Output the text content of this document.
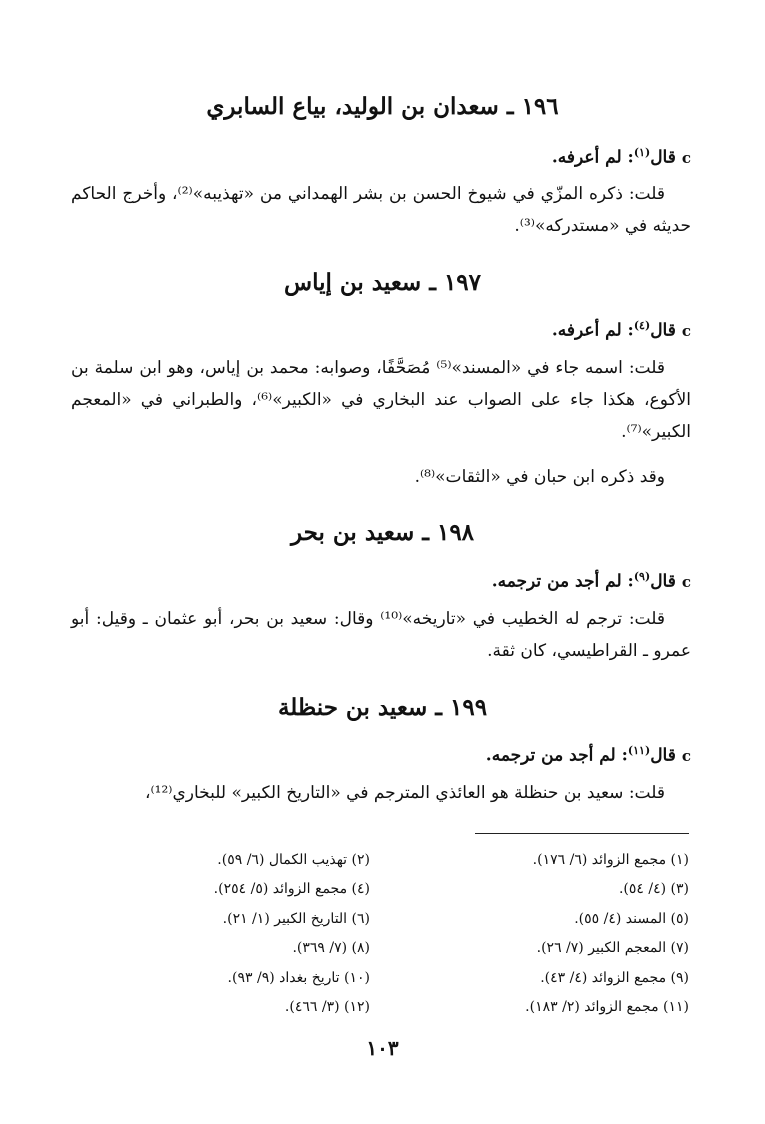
١٩٦ ـ سعدان بن الوليد، بياع السابري
cقال$^{(١)}$: لم أعرفه.
قلت: ذكره المزّي في شيوخ الحسن بن بشر الهمداني من «تهذيبه»⁽²⁾، وأخرج الحاكم حديثه في «مستدركه»⁽³⁾.
١٩٧ ـ سعيد بن إياس
cقال$^{(٤)}$: لم أعرفه.
قلت: اسمه جاء في «المسند»⁽⁵⁾ مُصَحَّفًا، وصوابه: محمد بن إياس، وهو ابن سلمة بن الأكوع، هكذا جاء على الصواب عند البخاري في «الكبير»⁽⁶⁾، والطبراني في «المعجم الكبير»⁽⁷⁾.
وقد ذكره ابن حبان في «الثقات»⁽⁸⁾.
١٩٨ ـ سعيد بن بحر
cقال$^{(٩)}$: لم أجد من ترجمه.
قلت: ترجم له الخطيب في «تاريخه»⁽¹⁰⁾ وقال: سعيد بن بحر، أبو عثمان ـ وقيل: أبو عمرو ـ القراطيسي، كان ثقة.
١٩٩ ـ سعيد بن حنظلة
cقال$^{(١١)}$: لم أجد من ترجمه.
قلت: سعيد بن حنظلة هو العائذي المترجم في «التاريخ الكبير» للبخاري⁽¹²⁾،
(١) مجمع الزوائد (٦/ ١٧٦).
(٣) (٤/ ٥٤).
(٥) المسند (٤/ ٥٥).
(٧) المعجم الكبير (٧/ ٢٦).
(٩) مجمع الزوائد (٤/ ٤٣).
(١١) مجمع الزوائد (٢/ ١٨٣).
(٢) تهذيب الكمال (٦/ ٥٩).
(٤) مجمع الزوائد (٥/ ٢٥٤).
(٦) التاريخ الكبير (١/ ٢١).
(٨) (٧/ ٣٦٩).
(١٠) تاريخ بغداد (٩/ ٩٣).
(١٢) (٣/ ٤٦٦).
١٠٣
